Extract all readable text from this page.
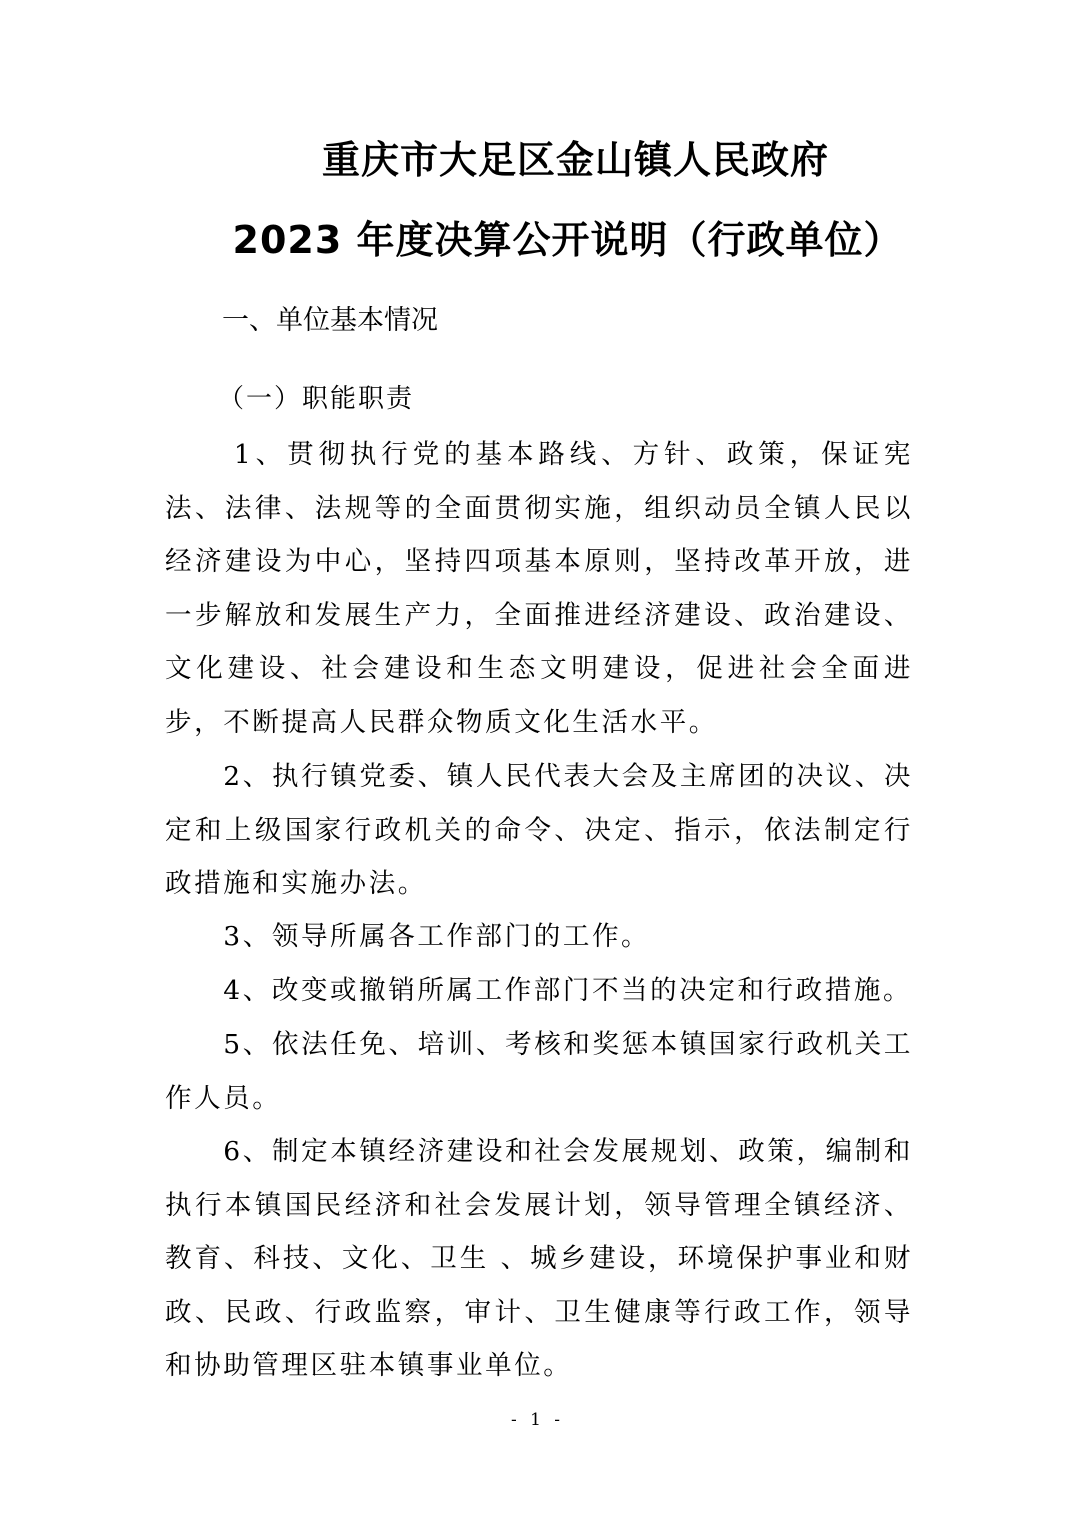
重庆市大足区金山镇人民政府
2023 年度决算公开说明（行政单位）
一、单位基本情况
（一）职能职责
1、贯彻执行党的基本路线、方针、政策，保证宪法、法律、法规等的全面贯彻实施，组织动员全镇人民以经济建设为中心，坚持四项基本原则，坚持改革开放，进一步解放和发展生产力，全面推进经济建设、政治建设、文化建设、社会建设和生态文明建设，促进社会全面进步，不断提高人民群众物质文化生活水平。
2、执行镇党委、镇人民代表大会及主席团的决议、决定和上级国家行政机关的命令、决定、指示，依法制定行政措施和实施办法。
3、领导所属各工作部门的工作。
4、改变或撤销所属工作部门不当的决定和行政措施。
5、依法任免、培训、考核和奖惩本镇国家行政机关工作人员。
6、制定本镇经济建设和社会发展规划、政策，编制和执行本镇国民经济和社会发展计划，领导管理全镇经济、教育、科技、文化、卫生 、城乡建设，环境保护事业和财政、民政、行政监察，审计、卫生健康等行政工作，领导和协助管理区驻本镇事业单位。
- 1 -
